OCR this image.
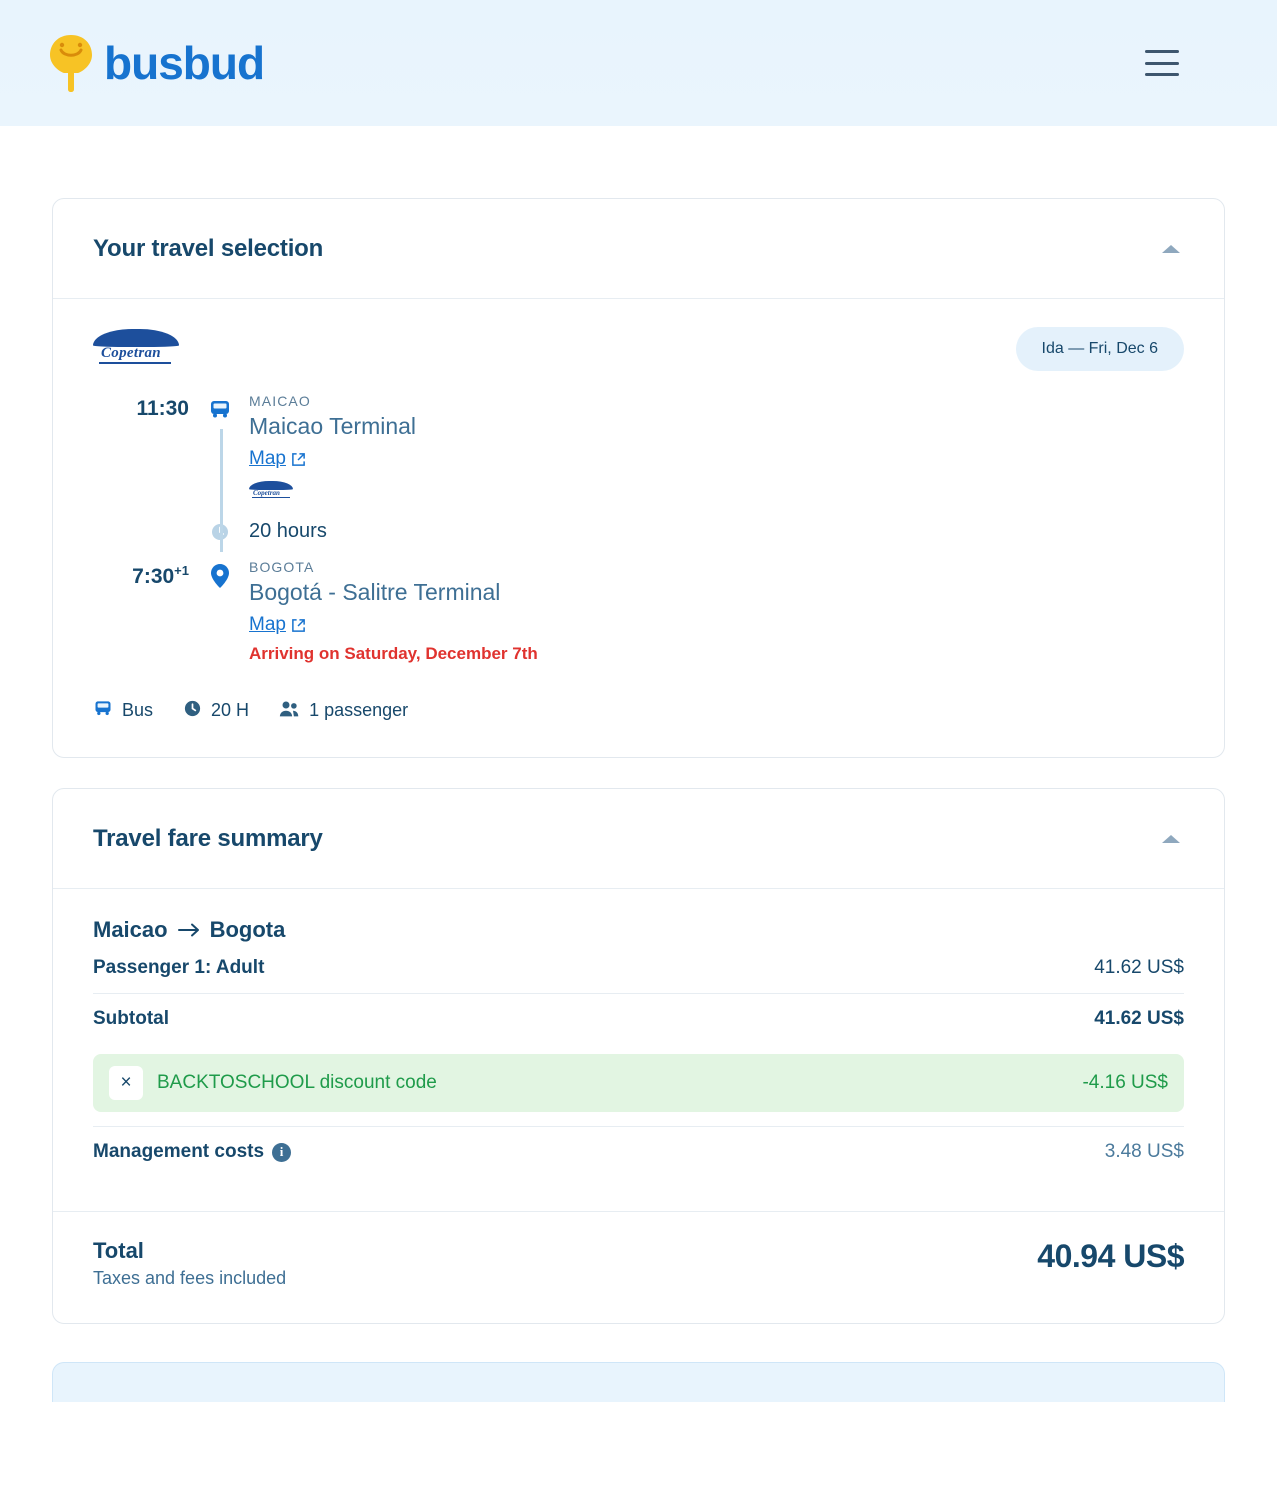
busbud
Your travel selection
Copetran	Ida — Fri, Dec 6
11:30	MAICAO
Maicao Terminal
Map
Copetran
20 hours
$7:30^{+1}$	BOGOTA
Bogotá - Salitre Terminal
Map
Arriving on Saturday, December 7th
Bus	20 H	1 passenger
Travel fare summary
Maicao Bogota
Passenger 1: Adult	41.62 US$
Subtotal	41.62 US$
×	BACKTOSCHOOL discount code	-4.16 US$
Management costs	i	3.48 US$
Total
Taxes and fees included
40.94 US$
